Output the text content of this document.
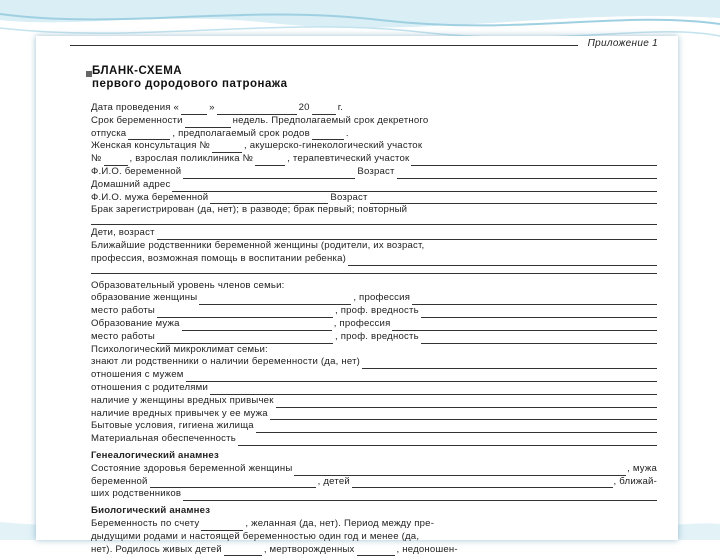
Приложение 1
БЛАНК-СХЕМА
первого дородового патронажа
Дата проведения «	»	20	г.
Срок беременности	недель. Предполагаемый срок декретного
отпуска	, предполагаемый срок родов	.
Женская консультация №	, акушерско-гинекологический участок
№	, взрослая поликлиника №	, терапевтический участок
Ф.И.О. беременной	Возраст
Домашний адрес
Ф.И.О. мужа беременной	Возраст
Брак зарегистрирован (да, нет); в разводе; брак первый; повторный
Дети, возраст
Ближайшие родственники беременной женщины (родители, их возраст,
профессия, возможная помощь в воспитании ребенка)
Образовательный уровень членов семьи:
образование женщины	, профессия
место работы	, проф. вредность
Образование мужа	, профессия
место работы	, проф. вредность
Психологический микроклимат семьи:
знают ли родственники о наличии беременности (да, нет)
отношения с мужем
отношения с родителями
наличие у женщины вредных привычек
наличие вредных привычек у ее мужа
Бытовые условия, гигиена жилища
Материальная обеспеченность
Генеалогический анамнез
Состояние здоровья беременной женщины	, мужа
беременной	, детей	, ближай-
ших родственников
Биологический анамнез
Беременность по счету	, желанная (да, нет). Период между пре-
дыдущими родами и настоящей беременностью один год и менее (да,
нет). Родилось живых детей	, мертворожденных	, недоношен-
